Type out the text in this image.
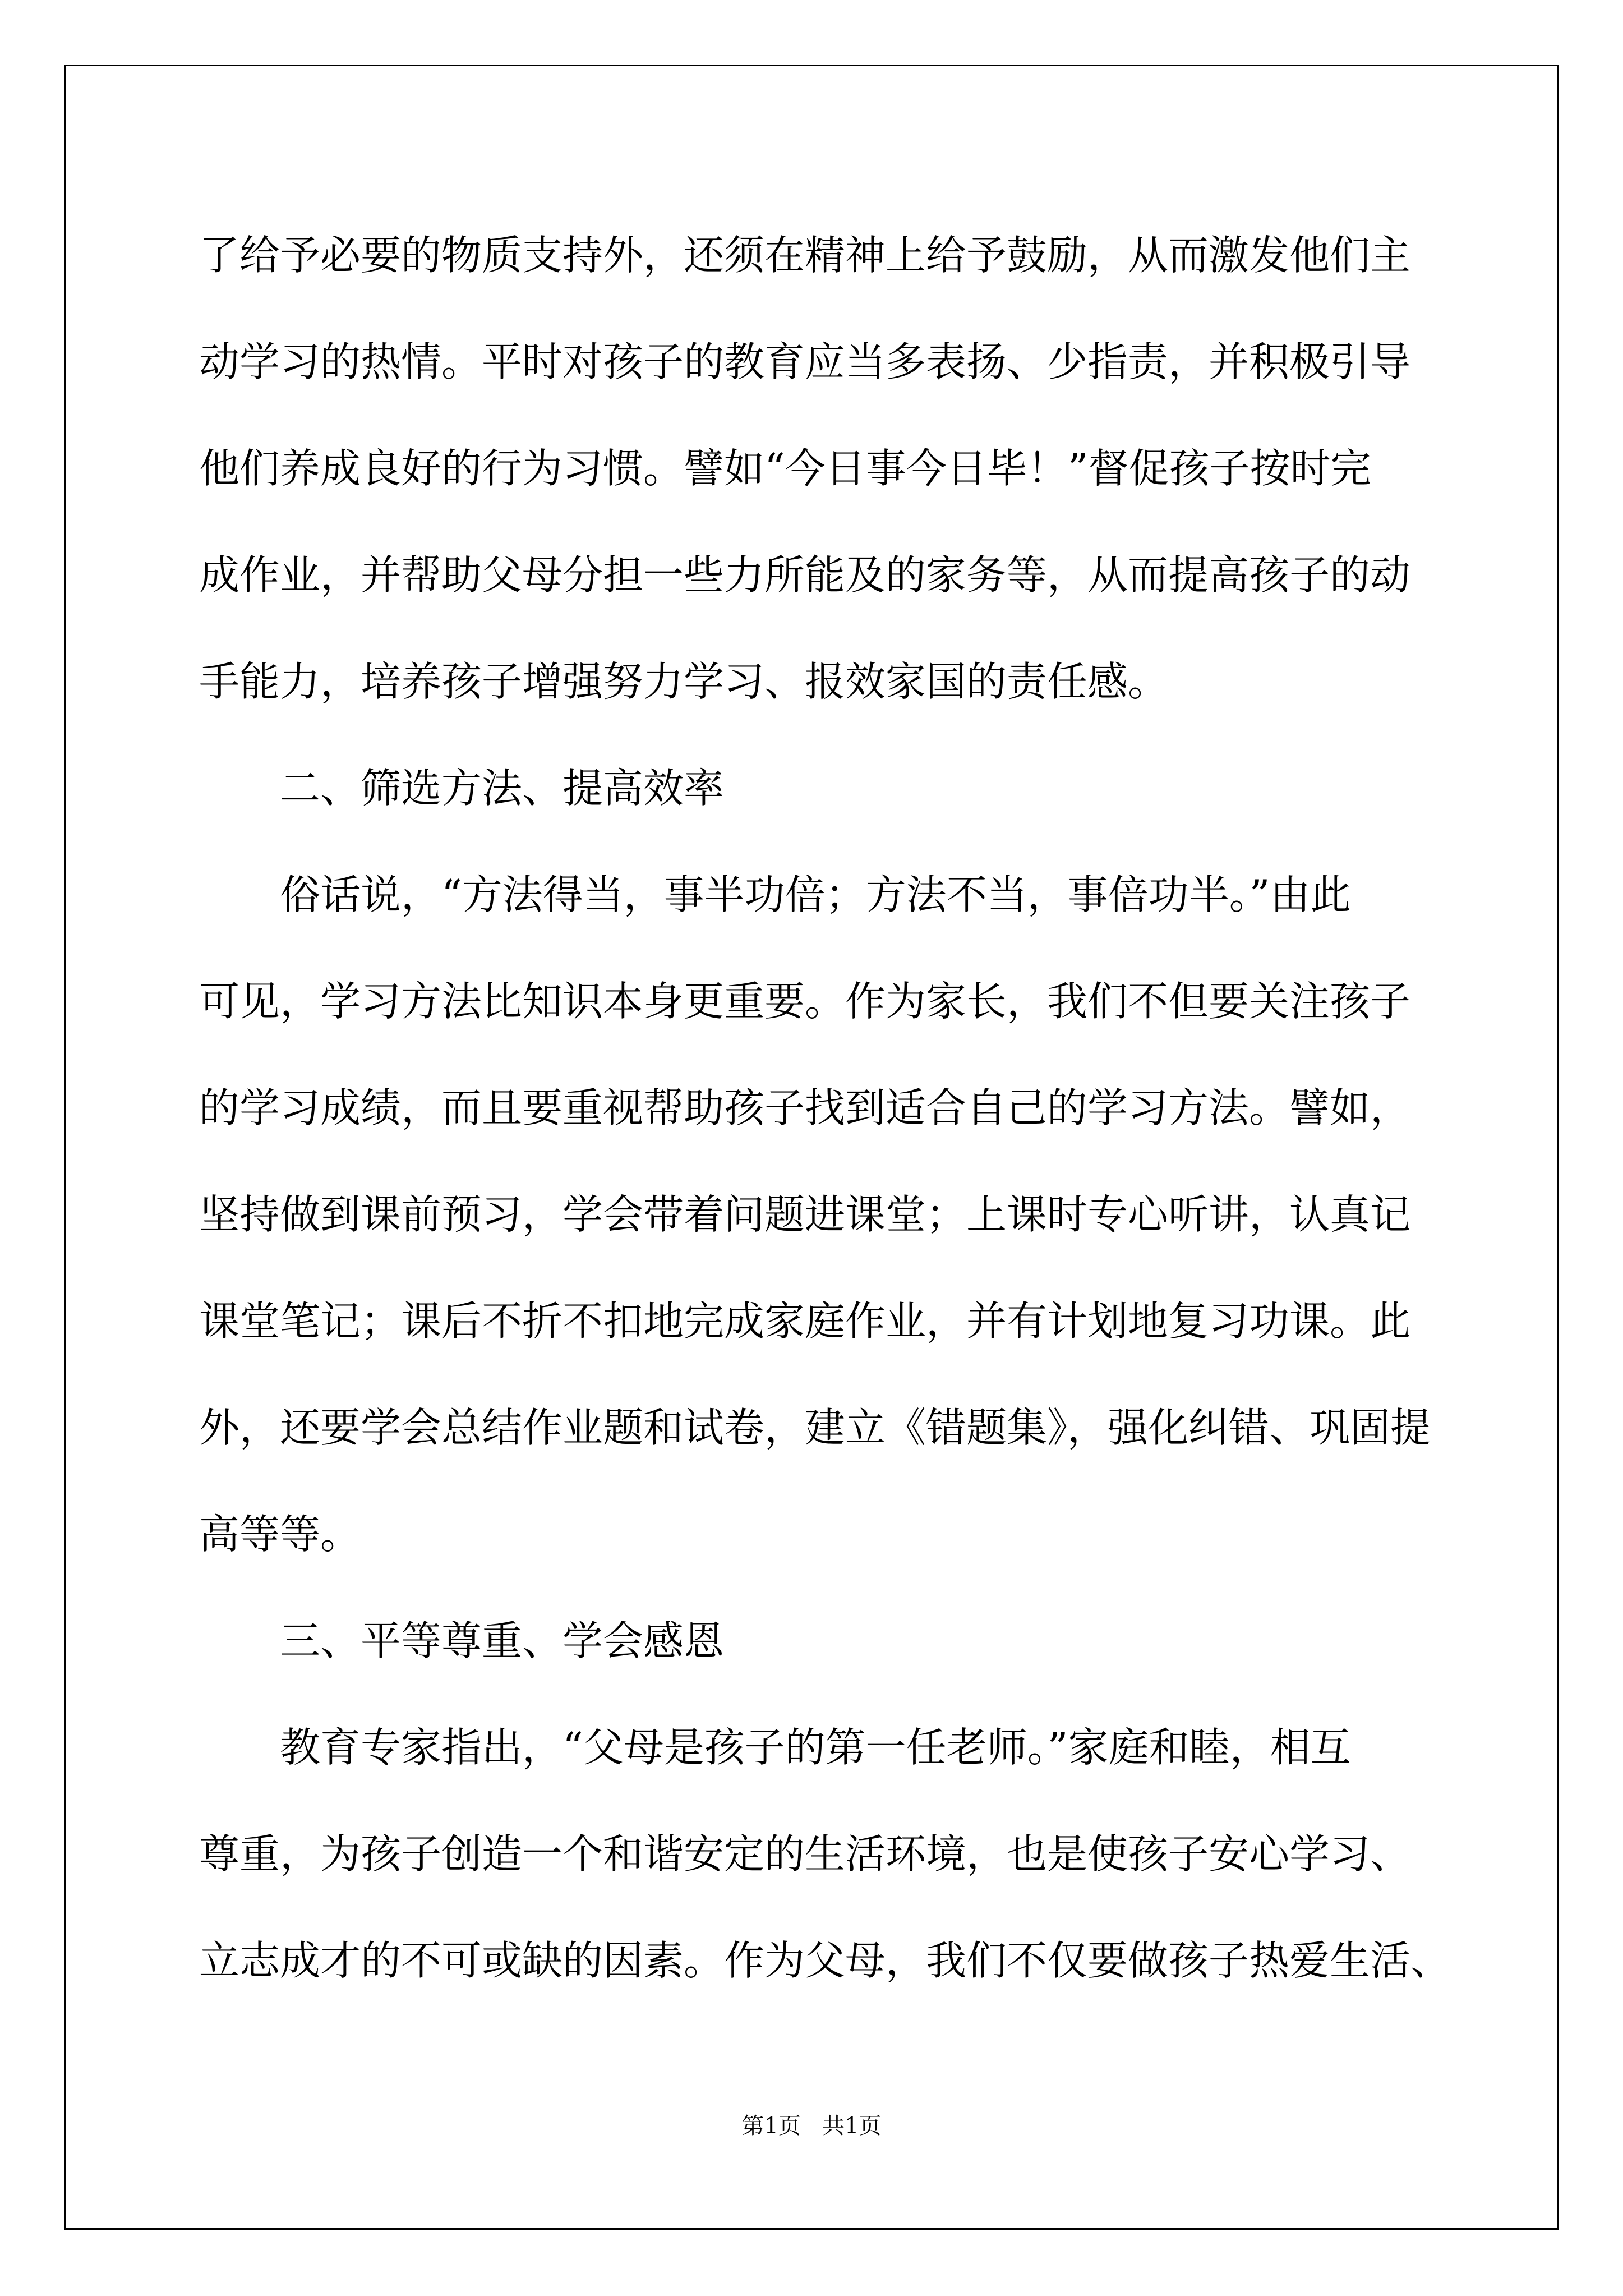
了给予必要的物质支持外，还须在精神上给予鼓励，从而激发他们主
动学习的热情。平时对孩子的教育应当多表扬、少指责，并积极引导
他们养成良好的行为习惯。譬如“今日事今日毕！”督促孩子按时完
成作业，并帮助父母分担一些力所能及的家务等，从而提高孩子的动
手能力，培养孩子增强努力学习、报效家国的责任感。
二、筛选方法、提高效率
俗话说，“方法得当，事半功倍；方法不当，事倍功半。”由此
可见，学习方法比知识本身更重要。作为家长，我们不但要关注孩子
的学习成绩，而且要重视帮助孩子找到适合自己的学习方法。譬如，
坚持做到课前预习，学会带着问题进课堂；上课时专心听讲，认真记
课堂笔记；课后不折不扣地完成家庭作业，并有计划地复习功课。此
外，还要学会总结作业题和试卷，建立《错题集》，强化纠错、巩固提
高等等。
三、平等尊重、学会感恩
教育专家指出，“父母是孩子的第一任老师。”家庭和睦，相互
尊重，为孩子创造一个和谐安定的生活环境，也是使孩子安心学习、
立志成才的不可或缺的因素。作为父母，我们不仅要做孩子热爱生活、
第1页   共1页
